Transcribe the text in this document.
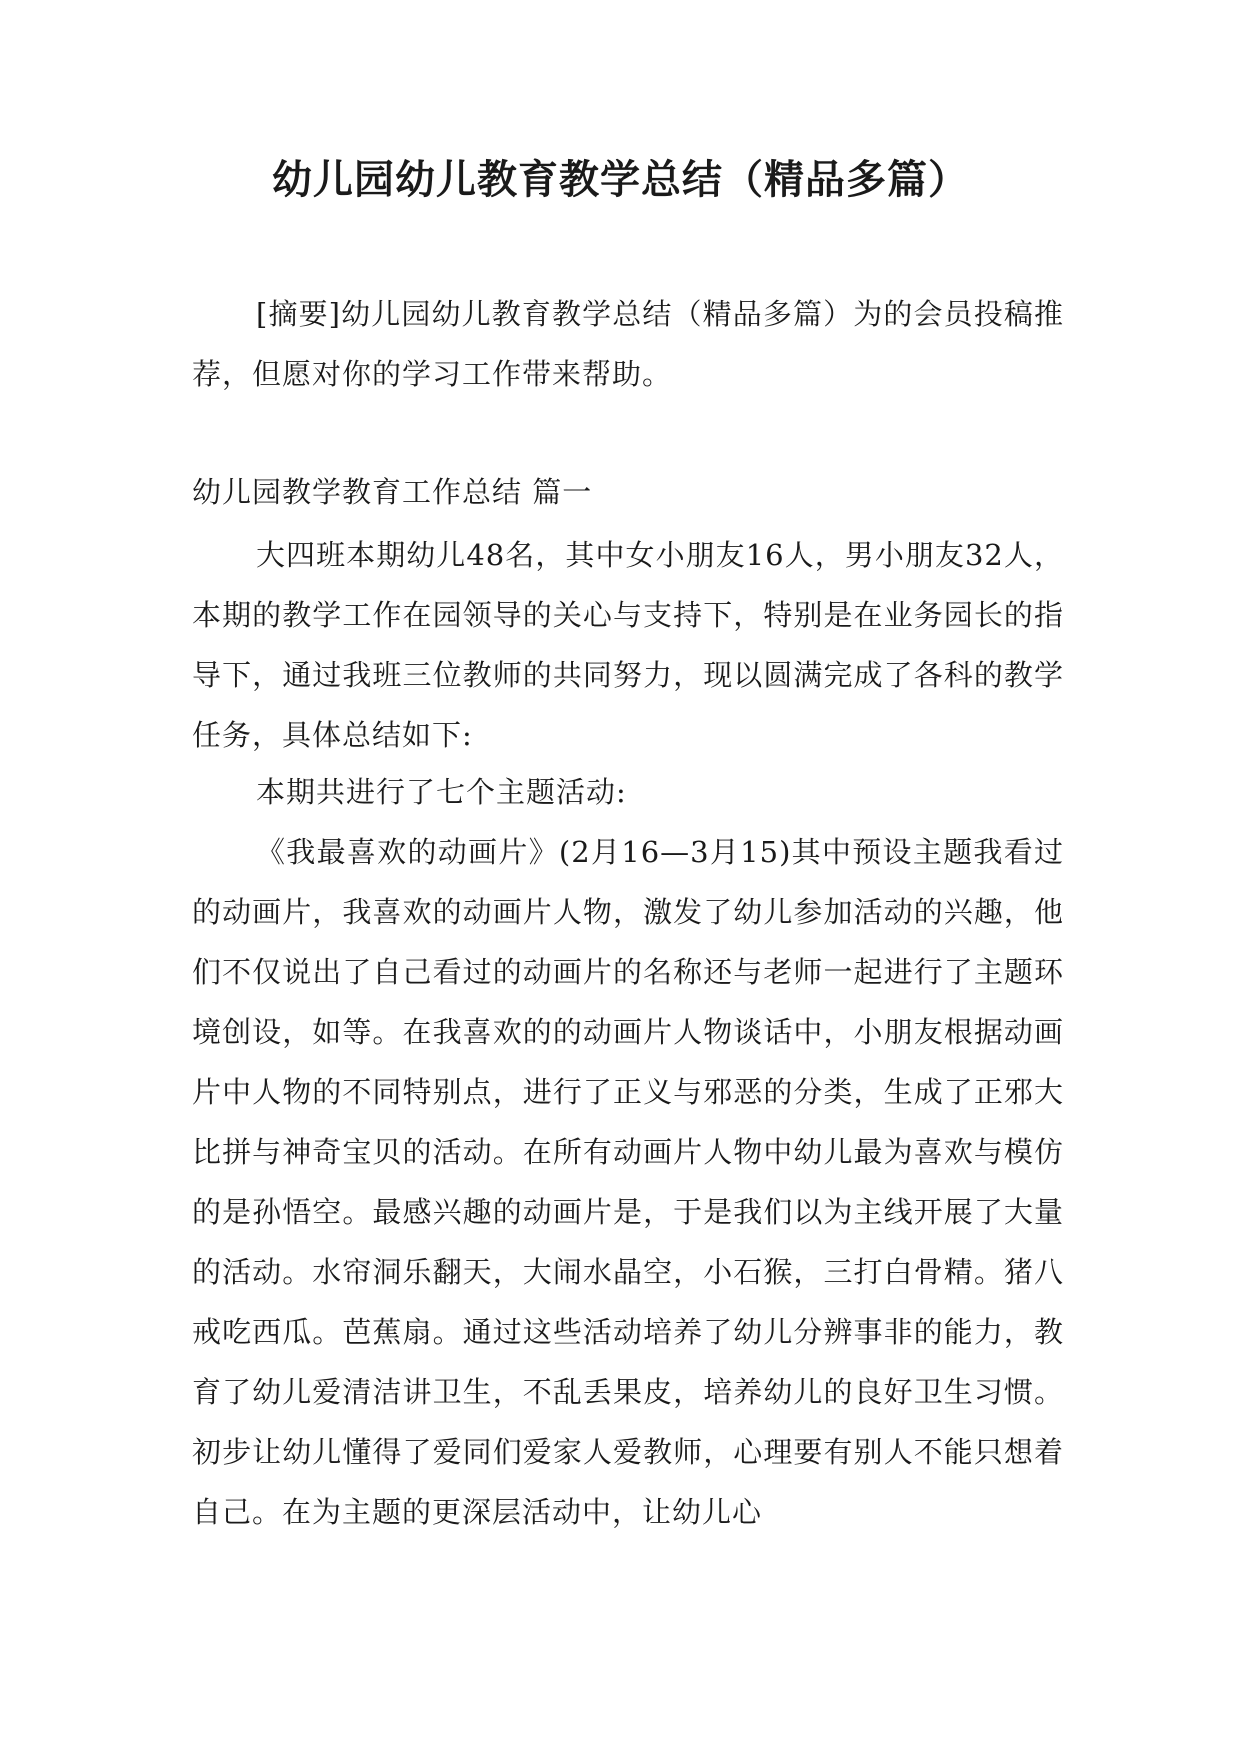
幼儿园幼儿教育教学总结（精品多篇）

[摘要]幼儿园幼儿教育教学总结（精品多篇）为的会员投稿推荐，但愿对你的学习工作带来帮助。

幼儿园教学教育工作总结 篇一

大四班本期幼儿48名，其中女小朋友16人，男小朋友32人，本期的教学工作在园领导的关心与支持下，特别是在业务园长的指导下，通过我班三位教师的共同努力，现以圆满完成了各科的教学任务，具体总结如下:

本期共进行了七个主题活动:

《我最喜欢的动画片》(2月16—3月15)其中预设主题我看过的动画片，我喜欢的动画片人物，激发了幼儿参加活动的兴趣，他们不仅说出了自己看过的动画片的名称还与老师一起进行了主题环境创设，如等。在我喜欢的的动画片人物谈话中，小朋友根据动画片中人物的不同特别点，进行了正义与邪恶的分类，生成了正邪大比拼与神奇宝贝的活动。在所有动画片人物中幼儿最为喜欢与模仿的是孙悟空。最感兴趣的动画片是，于是我们以为主线开展了大量的活动。水帘洞乐翻天，大闹水晶空，小石猴，三打白骨精。猪八戒吃西瓜。芭蕉扇。通过这些活动培养了幼儿分辨事非的能力，教育了幼儿爱清洁讲卫生，不乱丢果皮，培养幼儿的良好卫生习惯。初步让幼儿懂得了爱同们爱家人爱教师，心理要有别人不能只想着自己。在为主题的更深层活动中，让幼儿心
